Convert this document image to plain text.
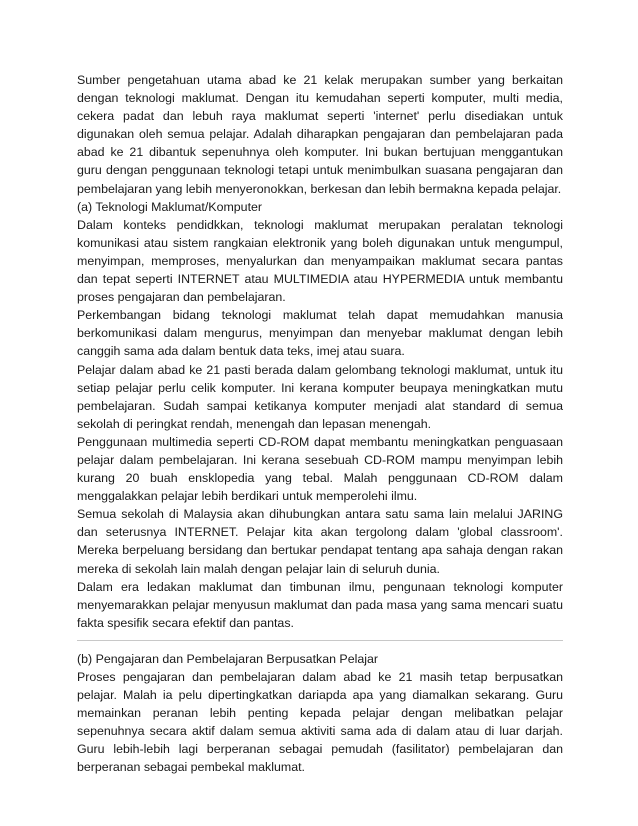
Sumber pengetahuan utama abad ke 21 kelak merupakan sumber yang berkaitan dengan teknologi maklumat. Dengan itu kemudahan seperti komputer, multi media, cekera padat dan lebuh raya maklumat seperti 'internet' perlu disediakan untuk digunakan oleh semua pelajar. Adalah diharapkan pengajaran dan pembelajaran pada abad ke 21 dibantuk sepenuhnya oleh komputer. Ini bukan bertujuan menggantukan guru dengan penggunaan teknologi tetapi untuk menimbulkan suasana pengajaran dan pembelajaran yang lebih menyeronokkan, berkesan dan lebih bermakna kepada pelajar.

(a) Teknologi Maklumat/Komputer

Dalam konteks pendidkkan, teknologi maklumat merupakan peralatan teknologi komunikasi atau sistem rangkaian elektronik yang boleh digunakan untuk mengumpul, menyimpan, memproses, menyalurkan dan menyampaikan maklumat secara pantas dan tepat seperti INTERNET atau MULTIMEDIA atau HYPERMEDIA untuk membantu proses pengajaran dan pembelajaran.

Perkembangan bidang teknologi maklumat telah dapat memudahkan manusia berkomunikasi dalam mengurus, menyimpan dan menyebar maklumat dengan lebih canggih sama ada dalam bentuk data teks, imej atau suara.

Pelajar dalam abad ke 21 pasti berada dalam gelombang teknologi maklumat, untuk itu setiap pelajar perlu celik komputer. Ini kerana komputer beupaya meningkatkan mutu pembelajaran. Sudah sampai ketikanya komputer menjadi alat standard di semua sekolah di peringkat rendah, menengah dan lepasan menengah.

Penggunaan multimedia seperti CD-ROM dapat membantu meningkatkan penguasaan pelajar dalam pembelajaran. Ini kerana sesebuah CD-ROM mampu menyimpan lebih kurang 20 buah ensklopedia yang tebal. Malah penggunaan CD-ROM dalam menggalakkan pelajar lebih berdikari untuk memperolehi ilmu.

Semua sekolah di Malaysia akan dihubungkan antara satu sama lain melalui JARING dan seterusnya INTERNET. Pelajar kita akan tergolong dalam 'global classroom'. Mereka berpeluang bersidang dan bertukar pendapat tentang apa sahaja dengan rakan mereka di sekolah lain malah dengan pelajar lain di seluruh dunia.

Dalam era ledakan maklumat dan timbunan ilmu, pengunaan teknologi komputer menyemarakkan pelajar menyusun maklumat dan pada masa yang sama mencari suatu fakta spesifik secara efektif dan pantas.

(b) Pengajaran dan Pembelajaran Berpusatkan Pelajar

Proses pengajaran dan pembelajaran dalam abad ke 21 masih tetap berpusatkan pelajar. Malah ia pelu dipertingkatkan dariapda apa yang diamalkan sekarang. Guru memainkan peranan lebih penting kepada pelajar dengan melibatkan pelajar sepenuhnya secara aktif dalam semua aktiviti sama ada di dalam atau di luar darjah. Guru lebih-lebih lagi berperanan sebagai pemudah (fasilitator) pembelajaran dan berperanan sebagai pembekal maklumat.
